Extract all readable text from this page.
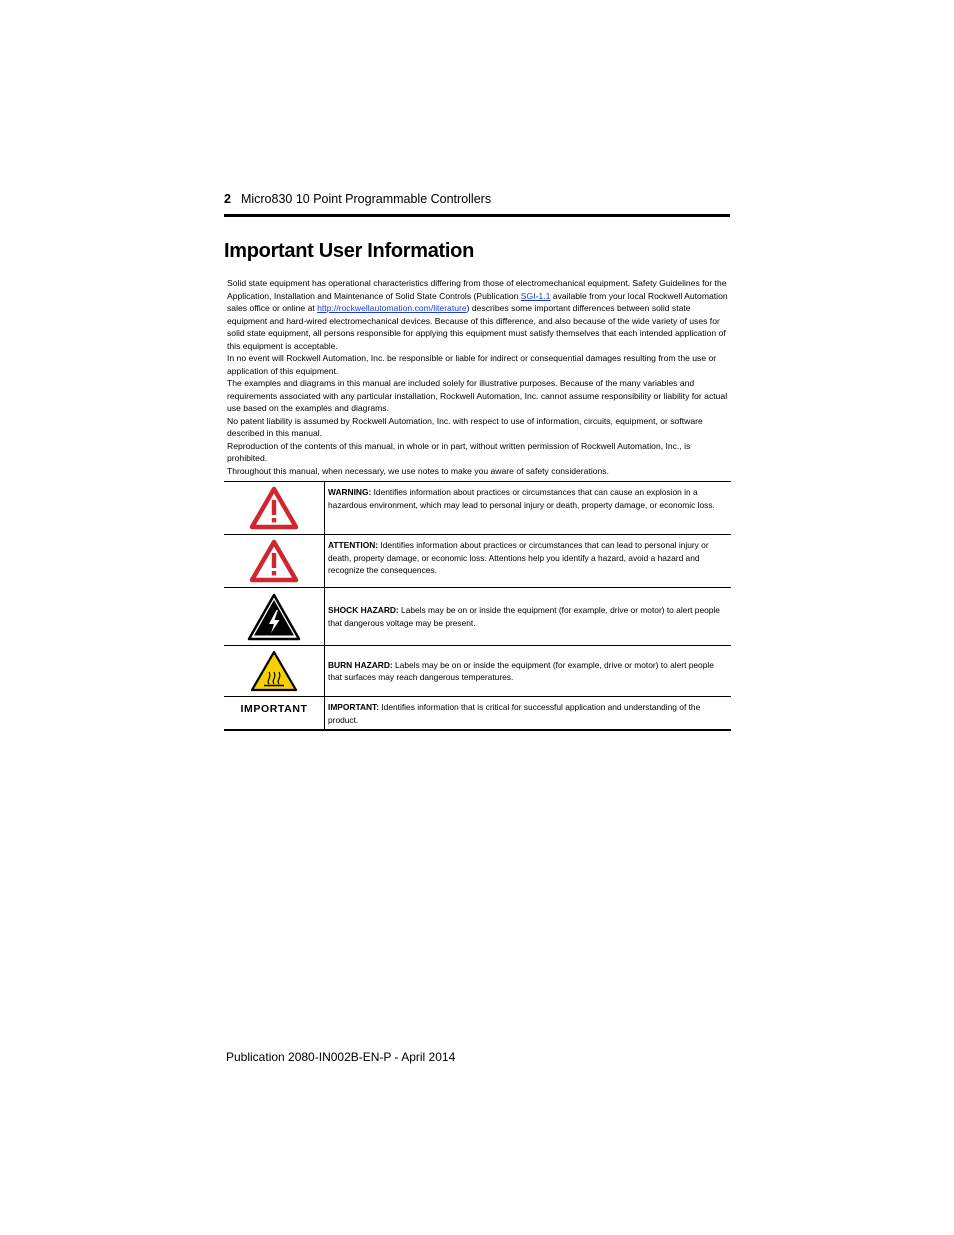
2 Micro830 10 Point Programmable Controllers
Important User Information

Solid state equipment has operational characteristics differing from those of electromechanical equipment. Safety Guidelines for the Application, Installation and Maintenance of Solid State Controls (Publication SGI-1.1 available from your local Rockwell Automation sales office or online at http://rockwellautomation.com/literature) describes some important differences between solid state equipment and hard-wired electromechanical devices. Because of this difference, and also because of the wide variety of uses for solid state equipment, all persons responsible for applying this equipment must satisfy themselves that each intended application of this equipment is acceptable.

In no event will Rockwell Automation, Inc. be responsible or liable for indirect or consequential damages resulting from the use or application of this equipment.

The examples and diagrams in this manual are included solely for illustrative purposes. Because of the many variables and requirements associated with any particular installation, Rockwell Automation, Inc. cannot assume responsibility or liability for actual use based on the examples and diagrams.

No patent liability is assumed by Rockwell Automation, Inc. with respect to use of information, circuits, equipment, or software described in this manual.

Reproduction of the contents of this manual, in whole or in part, without written permission of Rockwell Automation, Inc., is prohibited.

Throughout this manual, when necessary, we use notes to make you aware of safety considerations.

WARNING: Identifies information about practices or circumstances that can cause an explosion in a hazardous environment, which may lead to personal injury or death, property damage, or economic loss.
ATTENTION: Identifies information about practices or circumstances that can lead to personal injury or death, property damage, or economic loss. Attentions help you identify a hazard, avoid a hazard and recognize the consequences.
SHOCK HAZARD: Labels may be on or inside the equipment (for example, drive or motor) to alert people that dangerous voltage may be present.
BURN HAZARD: Labels may be on or inside the equipment (for example, drive or motor) to alert people that surfaces may reach dangerous temperatures.
IMPORTANT	IMPORTANT: Identifies information that is critical for successful application and understanding of the product.
Publication 2080-IN002B-EN-P - April 2014
